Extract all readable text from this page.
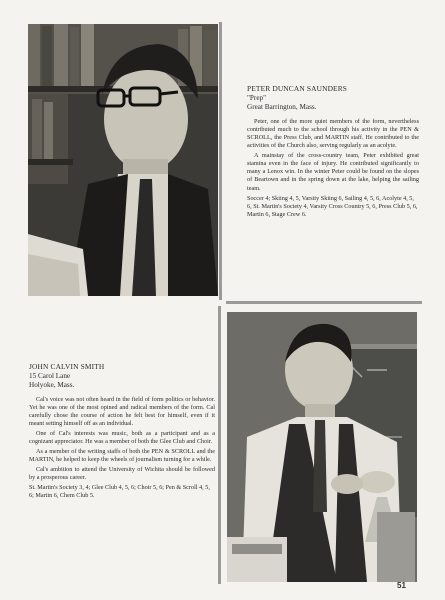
PETER DUNCAN SAUNDERS
"Prep"
Great Barrington, Mass.

Peter, one of the more quiet members of the form, nevertheless contributed much to the school through his activity in the PEN & SCROLL, the Press Club, and MARTIN staff. He contributed to the activities of the Church also, serving regularly as an acolyte.

A mainstay of the cross-country team, Peter exhibited great stamina even in the face of injury. He contributed significantly to many a Lenox win. In the winter Peter could be found on the slopes of Beartown and in the spring down at the lake, helping the sailing team.

Soccer 4; Skiing 4, 5, Varsity Skiing 6, Sailing 4, 5, 6, Acolyte 4, 5, 6, St. Martin's Society 4, Varsity Cross Country 5, 6, Press Club 5, 6, Martin 6, Stage Crew 6.

JOHN CALVIN SMITH
15 Carol Lane
Holyoke, Mass.

Cal's voice was not often heard in the field of form politics or behavior. Yet he was one of the most opined and radical members of the form. Cal carefully chose the course of action he felt best for himself, even if it meant setting himself off as an individual.

One of Cal's interests was music, both as a participant and as a cognizant appreciator. He was a member of both the Glee Club and Choir.

As a member of the writing staffs of both the PEN & SCROLL and the MARTIN, he helped to keep the wheels of journalism turning for a while.

Cal's ambition to attend the University of Wichita should be followed by a prosperous career.

St. Martin's Society 3, 4; Glee Club 4, 5, 6; Choir 5, 6; Pen & Scroll 4, 5, 6; Martin 6, Chem Club 5.

51
